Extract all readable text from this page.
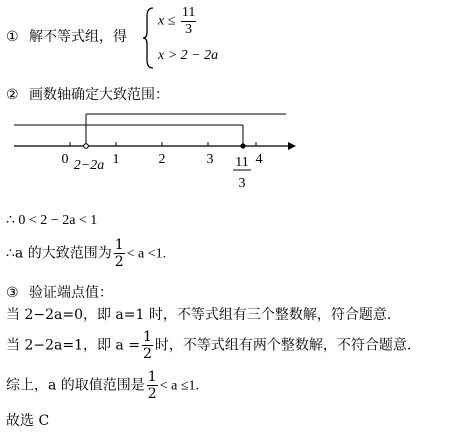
① 解不等式组，得
$x \le \frac{11}{3}$
x > 2 − 2a
② 画数轴确定大致范围：
0	1	2	3	4
2−2a	11
3
∴ 0 < 2 − 2a < 1
∴a 的大致范围为 $\frac{1}{2} < a <1$.
③ 验证端点值：
当 2−2a=0，即 a=1 时，不等式组有三个整数解，符合题意.
当 2−2a=1，即 $a = \frac{1}{2}$ 时，不等式组有两个整数解，不符合题意.
综上，a 的取值范围是 $\frac{1}{2} < a \le 1$.
故选 C
